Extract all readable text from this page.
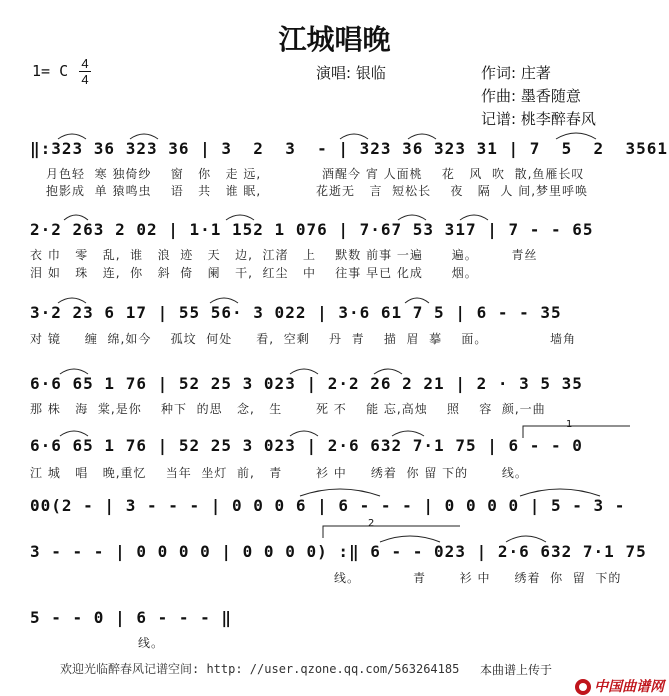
江城唱晚
1= C 4
4	演唱: 银临	作词: 庄著
作曲: 墨香随意
记谱: 桃李醉春风
‖:323 36 323 36 | 3  2  3  - | 323 36 323 31 | 7  5  2  3561
月色轻  寒 独倚纱    窗   你   走 远,	酒醒今 宵 人面桃    花   风  吹  散,鱼雁长叹
抱影成  单 猿鸣虫    语   共   谁 眠,	花逝无   言  短松长    夜   隔  人 间,梦里呼唤
2·2 263 2 02 | 1·1 152 1 076 | 7·67 53 317 | 7 - - 65
衣 巾   零   乱,  谁   浪  迹   天   边,  江渚   上    默数 前事 一遍      遍。       青丝
泪 如   珠   连,  你   斜  倚   阑   干,  红尘   中    往事 早已 化成      烟。
3·2 23 6 17 | 55 56· 3 022 | 3·6 61 7 5 | 6 - - 35
对 镜     缠  绵,如今    孤坟  何处     看,  空剩    丹  青    描  眉  摹    面。             墙角
6·6 65 1 76 | 52 25 3 023 | 2·2 26 2 21 | 2 · 3 5 35
那 株   海  棠,是你    种下  的思   念,   生       死 不    能 忘,高烛    照    容  颜,一曲
6·6 65 1 76 | 52 25 3 023 | 2·6 632 7·1 75 | 6 - - 0
江 城   唱   晚,重忆    当年  坐灯  前,   青       衫 中     绣着  你 留 下的       线。
1
00(2 - | 3 - - - | 0 0 0 6 | 6 - - - | 0 0 0 0 | 5 - 3 -
3 - - - | 0 0 0 0 | 0 0 0 0) :‖ 6 - - 023 | 2·6 632 7·1 75
线。           青       衫 中     绣着  你  留  下的
2
5 - - 0 | 6 - - - ‖
线。
欢迎光临醉春风记谱空间: http: //user.qzone.qq.com/563264185 本曲谱上传于

中国曲谱网
